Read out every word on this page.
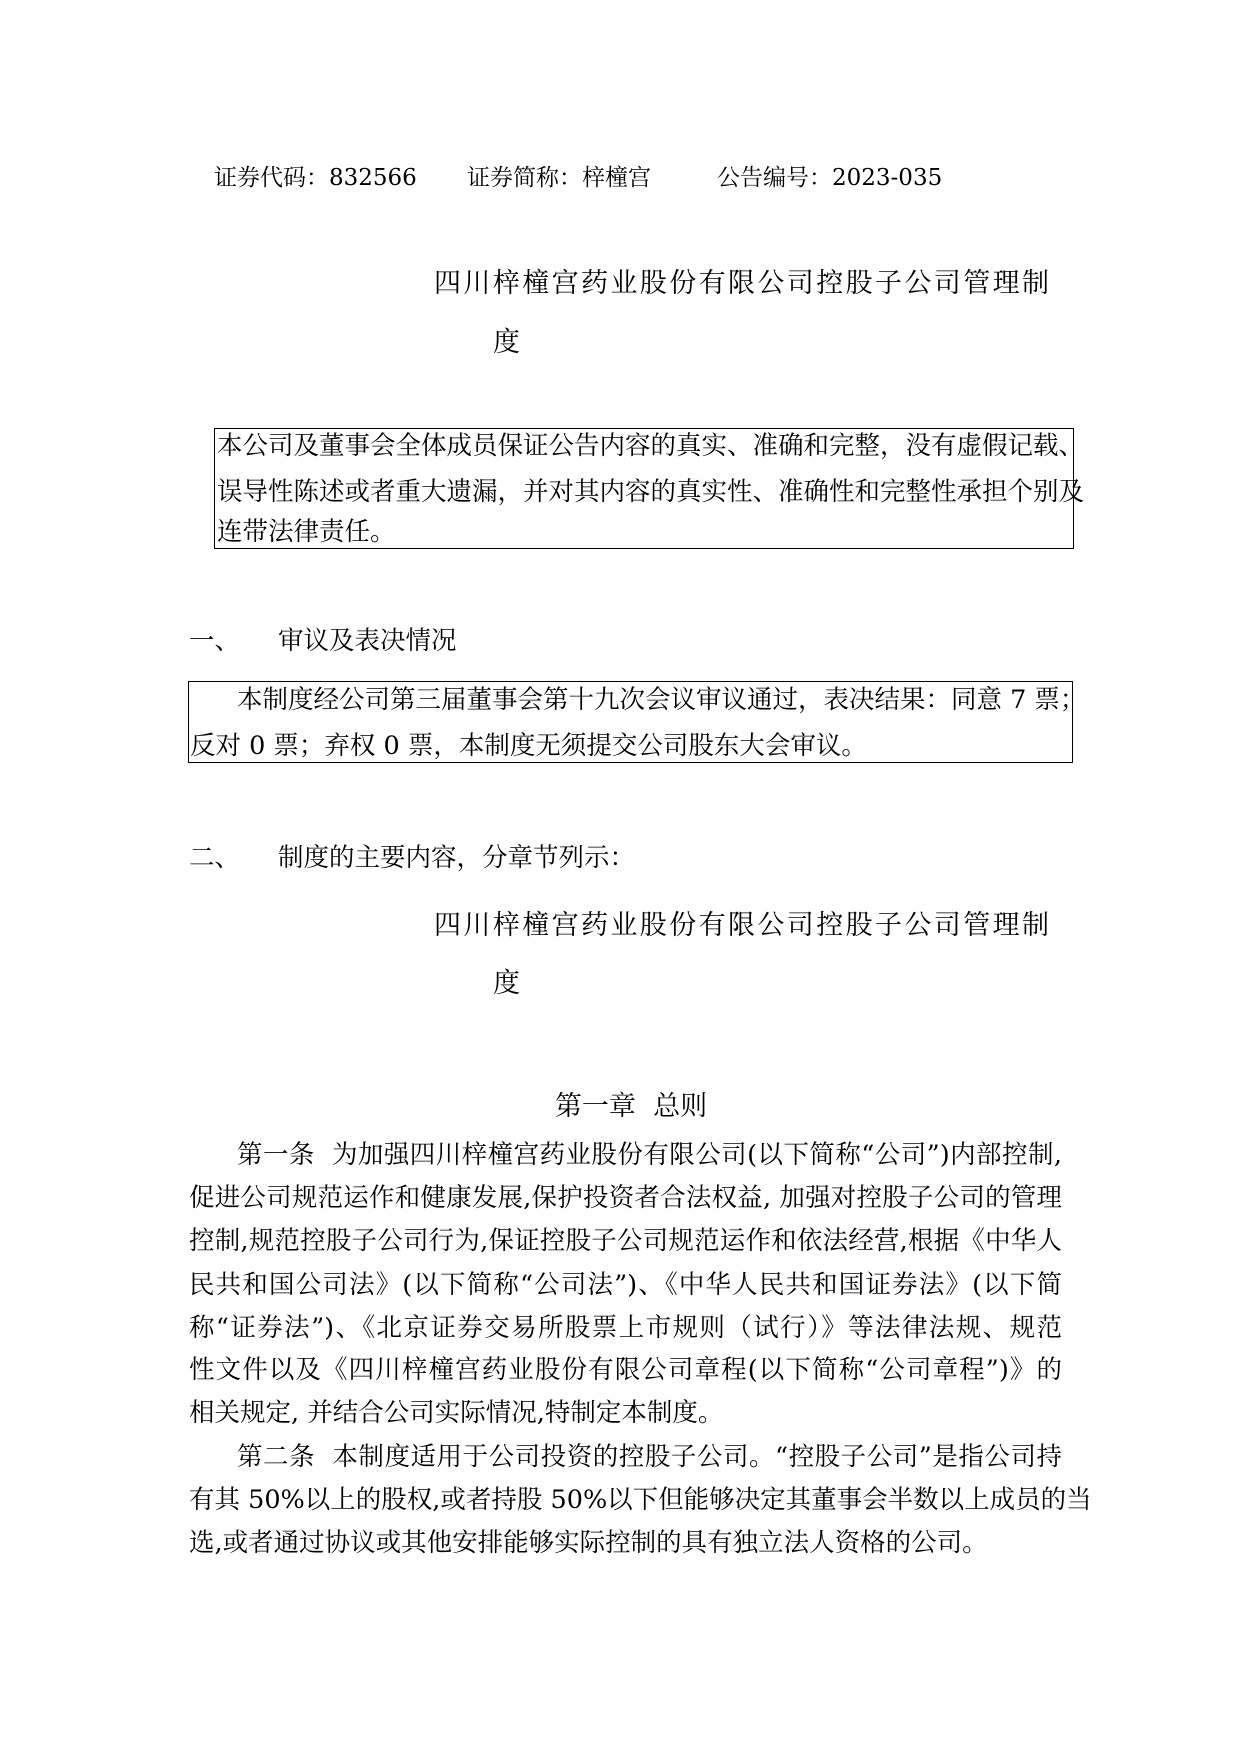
证券代码：832566 证券简称：梓橦宫	公告编号：2023-035
四川梓橦宫药业股份有限公司控股子公司管理制
度
本公司及董事会全体成员保证公告内容的真实、准确和完整，没有虚假记载、
误导性陈述或者重大遗漏，并对其内容的真实性、准确性和完整性承担个别及
连带法律责任。
一、 审议及表决情况
本制度经公司第三届董事会第十九次会议审议通过，表决结果：同意 7 票；
反对 0 票；弃权 0 票，本制度无须提交公司股东大会审议。
二、 制度的主要内容，分章节列示：
四川梓橦宫药业股份有限公司控股子公司管理制
度
第一章  总则
第一条  为加强四川梓橦宫药业股份有限公司(以下简称“公司”)内部控制,
促进公司规范运作和健康发展,保护投资者合法权益, 加强对控股子公司的管理
控制,规范控股子公司行为,保证控股子公司规范运作和依法经营,根据《中华人
民共和国公司法》(以下简称“公司法”)、《中华人民共和国证券法》(以下简
称“证券法”)、《北京证券交易所股票上市规则（试行）》等法律法规、规范
性文件以及《四川梓橦宫药业股份有限公司章程(以下简称“公司章程”)》的
相关规定, 并结合公司实际情况,特制定本制度。
第二条  本制度适用于公司投资的控股子公司。“控股子公司”是指公司持
有其 50%以上的股权,或者持股 50%以下但能够决定其董事会半数以上成员的当
选,或者通过协议或其他安排能够实际控制的具有独立法人资格的公司。
